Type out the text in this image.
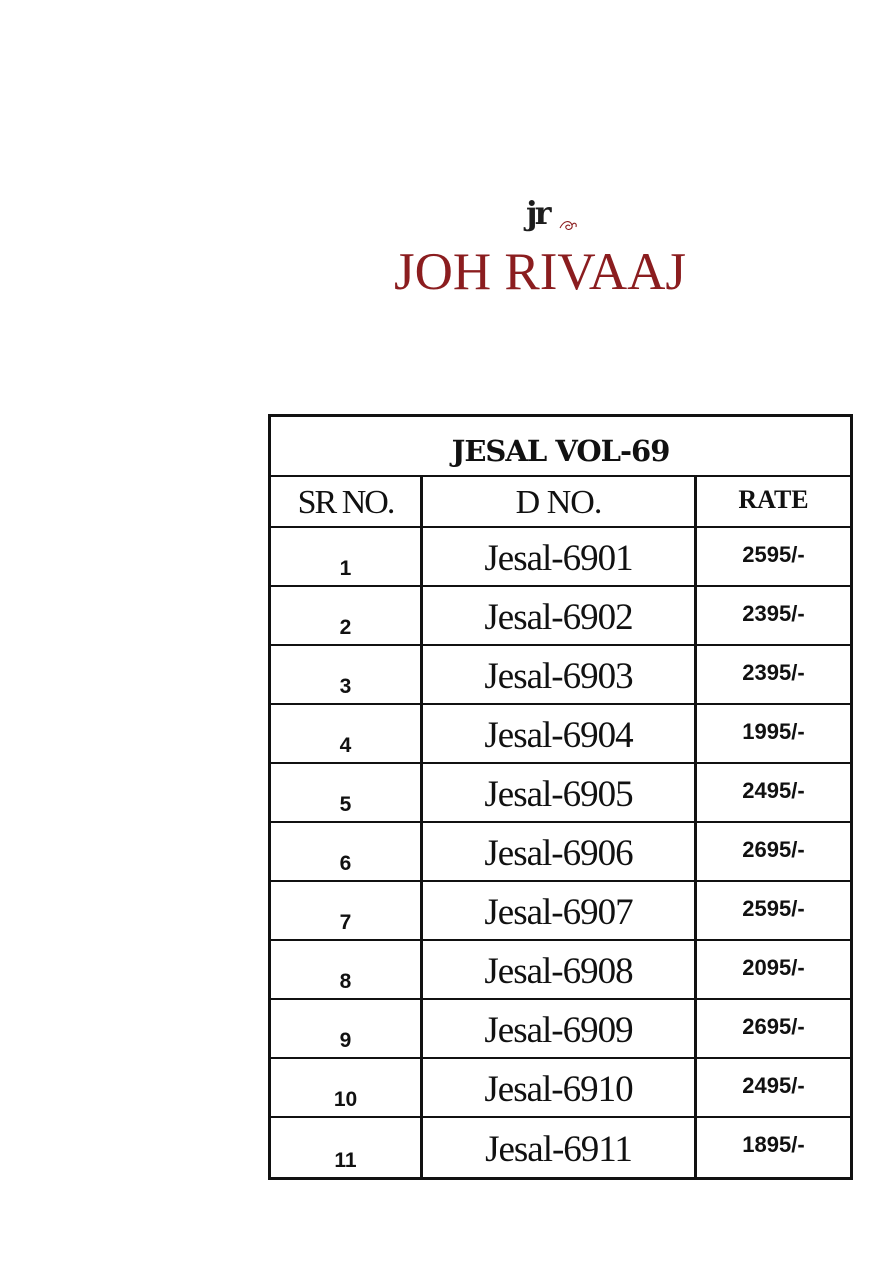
jr
JOH RIVAAJ
JESAL VOL-69
SR NO.	D NO.	RATE
1	Jesal-6901	2595/-
2	Jesal-6902	2395/-
3	Jesal-6903	2395/-
4	Jesal-6904	1995/-
5	Jesal-6905	2495/-
6	Jesal-6906	2695/-
7	Jesal-6907	2595/-
8	Jesal-6908	2095/-
9	Jesal-6909	2695/-
10	Jesal-6910	2495/-
11	Jesal-6911	1895/-
